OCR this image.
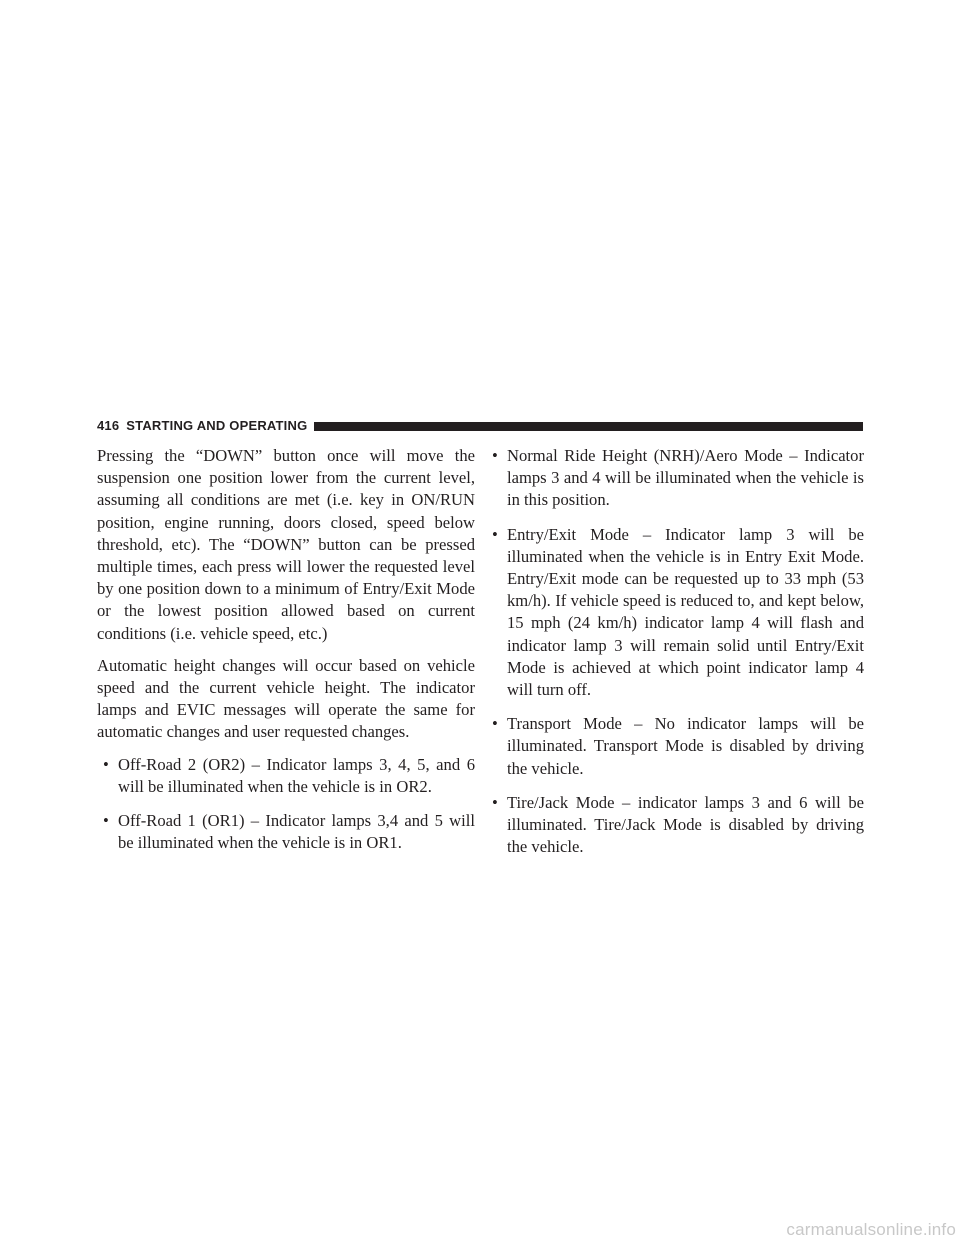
416 STARTING AND OPERATING

Pressing the “DOWN” button once will move the suspension one position lower from the current level, assuming all conditions are met (i.e. key in ON/RUN position, engine running, doors closed, speed below threshold, etc). The “DOWN” button can be pressed multiple times, each press will lower the requested level by one position down to a minimum of Entry/Exit Mode or the lowest position allowed based on current conditions (i.e. vehicle speed, etc.)

Automatic height changes will occur based on vehicle speed and the current vehicle height. The indicator lamps and EVIC messages will operate the same for automatic changes and user requested changes.

• Off-Road 2 (OR2) – Indicator lamps 3, 4, 5, and 6 will be illuminated when the vehicle is in OR2.
• Off-Road 1 (OR1) – Indicator lamps 3,4 and 5 will be illuminated when the vehicle is in OR1.
• Normal Ride Height (NRH)/Aero Mode – Indicator lamps 3 and 4 will be illuminated when the vehicle is in this position.
• Entry/Exit Mode – Indicator lamp 3 will be illuminated when the vehicle is in Entry Exit Mode. Entry/Exit mode can be requested up to 33 mph (53 km/h). If vehicle speed is reduced to, and kept below, 15 mph (24 km/h) indicator lamp 4 will flash and indicator lamp 3 will remain solid until Entry/Exit Mode is achieved at which point indicator lamp 4 will turn off.
• Transport Mode – No indicator lamps will be illuminated. Transport Mode is disabled by driving the vehicle.
• Tire/Jack Mode – indicator lamps 3 and 6 will be illuminated. Tire/Jack Mode is disabled by driving the vehicle.
carmanualsonline.info
